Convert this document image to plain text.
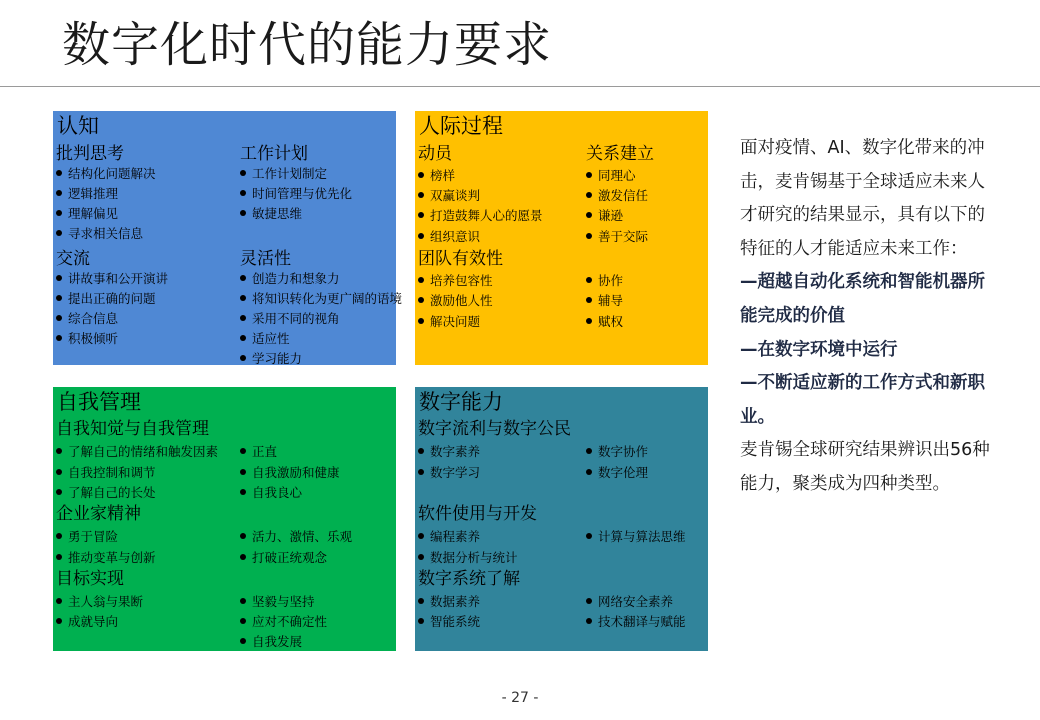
数字化时代的能力要求
认知
批判思考
结构化问题解决
逻辑推理
理解偏见
寻求相关信息
工作计划
工作计划制定
时间管理与优先化
敏捷思维
交流
讲故事和公开演讲
提出正确的问题
综合信息
积极倾听
灵活性
创造力和想象力
将知识转化为更广阔的语境
采用不同的视角
适应性
学习能力
人际过程
动员
榜样
双赢谈判
打造鼓舞人心的愿景
组织意识
关系建立
同理心
激发信任
谦逊
善于交际
团队有效性
培养包容性
激励他人性
解决问题
协作
辅导
赋权
自我管理
自我知觉与自我管理
了解自己的情绪和触发因素
自我控制和调节
了解自己的长处
正直
自我激励和健康
自我良心
企业家精神
勇于冒险
推动变革与创新
活力、激情、乐观
打破正统观念
目标实现
主人翁与果断
成就导向
坚毅与坚持
应对不确定性
自我发展
数字能力
数字流利与数字公民
数字素养
数字学习
数字协作
数字伦理
软件使用与开发
编程素养
数据分析与统计
计算与算法思维
数字系统了解
数据素养
智能系统
网络安全素养
技术翻译与赋能

面对疫情、AI、数字化带来的冲击，麦肯锡基于全球适应未来人才研究的结果显示，具有以下的特征的人才能适应未来工作：

—超越自动化系统和智能机器所能完成的价值

—在数字环境中运行

—不断适应新的工作方式和新职业。

麦肯锡全球研究结果辨识出56种能力，聚类成为四种类型。

- 27 -
